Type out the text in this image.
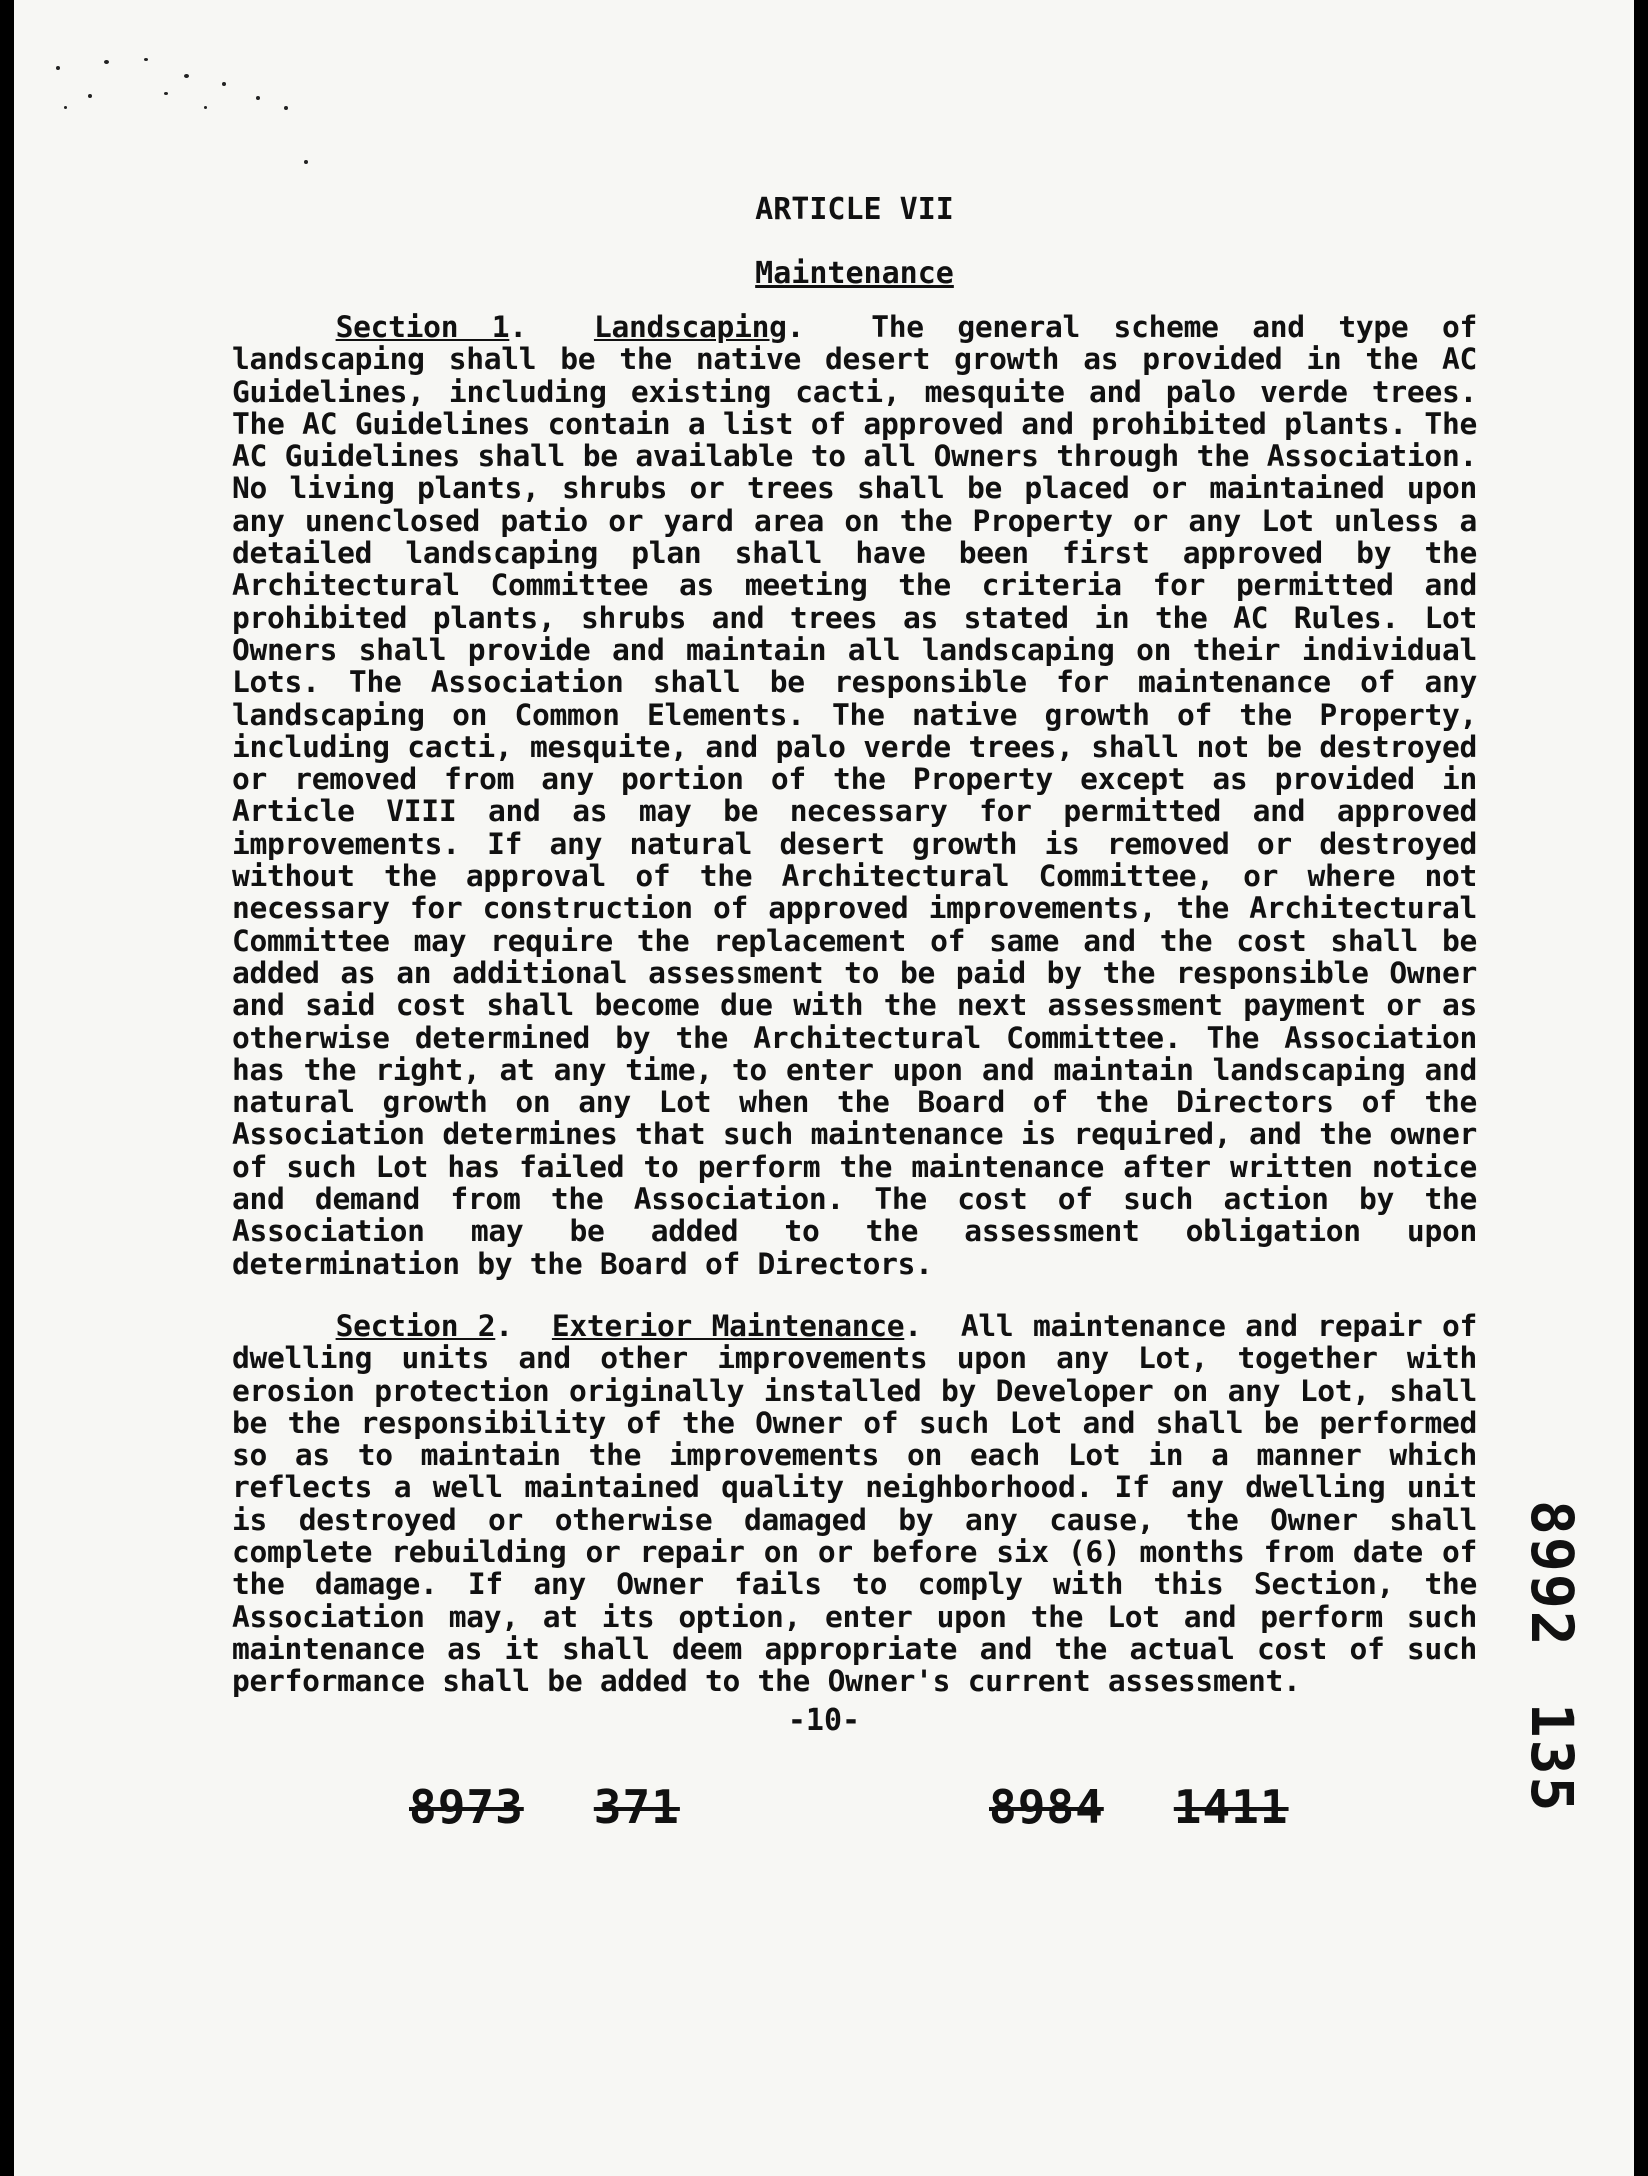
ARTICLE VII

Maintenance

Section 1.  Landscaping.  The general scheme and type of landscaping shall be the native desert growth as provided in the AC Guidelines, including existing cacti, mesquite and palo verde trees. The AC Guidelines contain a list of approved and prohibited plants. The AC Guidelines shall be available to all Owners through the Association. No living plants, shrubs or trees shall be placed or maintained upon any unenclosed patio or yard area on the Property or any Lot unless a detailed landscaping plan shall have been first approved by the Architectural Committee as meeting the criteria for permitted and prohibited plants, shrubs and trees as stated in the AC Rules. Lot Owners shall provide and maintain all landscaping on their individual Lots. The Association shall be responsible for maintenance of any landscaping on Common Elements. The native growth of the Property, including cacti, mesquite, and palo verde trees, shall not be destroyed or removed from any portion of the Property except as provided in Article VIII and as may be necessary for permitted and approved improvements. If any natural desert growth is removed or destroyed without the approval of the Architectural Committee, or where not necessary for construction of approved improvements, the Architectural Committee may require the replacement of same and the cost shall be added as an additional assessment to be paid by the responsible Owner and said cost shall become due with the next assessment payment or as otherwise determined by the Architectural Committee. The Association has the right, at any time, to enter upon and maintain landscaping and natural growth on any Lot when the Board of the Directors of the Association determines that such maintenance is required, and the owner of such Lot has failed to perform the maintenance after written notice and demand from the Association. The cost of such action by the Association may be added to the assessment obligation upon determination by the Board of Directors.

Section 2.  Exterior Maintenance.  All maintenance and repair of dwelling units and other improvements upon any Lot, together with erosion protection originally installed by Developer on any Lot, shall be the responsibility of the Owner of such Lot and shall be performed so as to maintain the improvements on each Lot in a manner which reflects a well maintained quality neighborhood. If any dwelling unit is destroyed or otherwise damaged by any cause, the Owner shall complete rebuilding or repair on or before six (6) months from date of the damage. If any Owner fails to comply with this Section, the Association may, at its option, enter upon the Lot and perform such maintenance as it shall deem appropriate and the actual cost of such performance shall be added to the Owner's current assessment.

-10-
8973 371	8984 1411
8992135
